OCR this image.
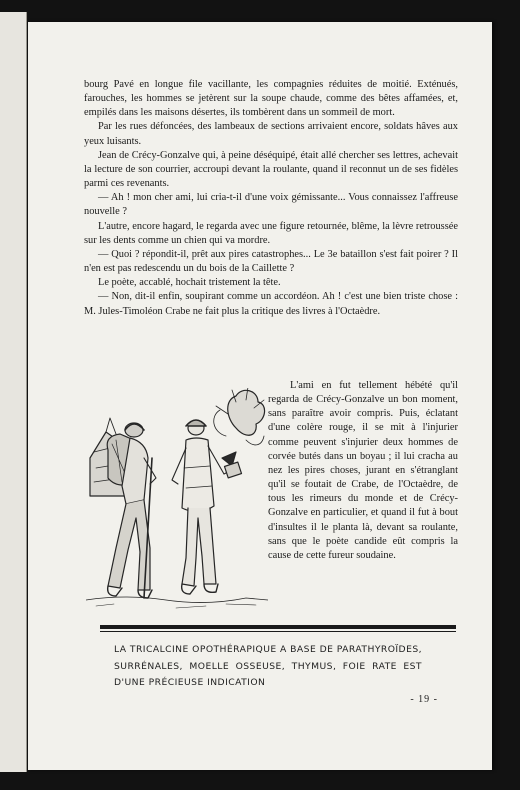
bourg Pavé en longue file vacillante, les compagnies réduites de moitié. Exténués, farouches, les hommes se jetèrent sur la soupe chaude, comme des bêtes affamées, et, empilés dans les maisons désertes, ils tombèrent dans un sommeil de mort.

Par les rues défoncées, des lambeaux de sections arrivaient encore, soldats hâves aux yeux luisants.

Jean de Crécy-Gonzalve qui, à peine déséquipé, était allé chercher ses lettres, achevait la lecture de son courrier, accroupi devant la roulante, quand il reconnut un de ses fidèles parmi ces revenants.

— Ah ! mon cher ami, lui cria-t-il d'une voix gémissante... Vous connaissez l'affreuse nouvelle ?

L'autre, encore hagard, le regarda avec une figure retournée, blême, la lèvre retroussée sur les dents comme un chien qui va mordre.

— Quoi ? répondit-il, prêt aux pires catastrophes... Le 3e bataillon s'est fait poirer ? Il n'en est pas redescendu un du bois de la Caillette ?

Le poète, accablé, hochait tristement la tête.

— Non, dit-il enfin, soupirant comme un accordéon. Ah ! c'est une bien triste chose : M. Jules-Timoléon Crabe ne fait plus la critique des livres à l'Octaèdre.

L'ami en fut tellement hébété qu'il regarda de Crécy-Gonzalve un bon moment, sans paraître avoir compris. Puis, éclatant d'une colère rouge, il se mit à l'injurier comme peuvent s'injurier deux hommes de corvée butés dans un boyau ; il lui cracha au nez les pires choses, jurant en s'étranglant qu'il se foutait de Crabe, de l'Octaèdre, de tous les rimeurs du monde et de Crécy-Gonzalve en particulier, et quand il fut à bout d'insultes il le planta là, devant sa roulante, sans que le poète candide eût compris la cause de cette fureur soudaine.

LA TRICALCINE OPOTHÉRAPIQUE A BASE DE PARATHYROÏDES, SURRÉNALES, MOELLE OSSEUSE, THYMUS, FOIE RATE EST D'UNE PRÉCIEUSE INDICATION
- 19 -
